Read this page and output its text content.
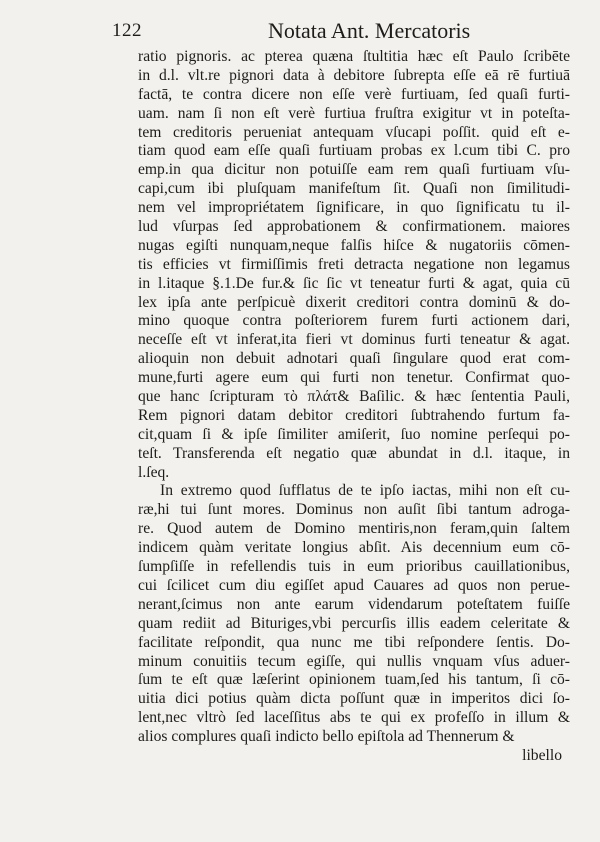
122	Notata Ant. Mercatoris
ratio pignoris. ac pterea quæna ſtultitia hæc eſt Paulo ſcribēte
in d.l. vlt.re pignori data à debitore ſubrepta eſſe eā rē furtiuā
factā, te contra dicere non eſſe verè furtiuam, ſed quaſi furti-
uam. nam ſi non eſt verè furtiua fruſtra exigitur vt in poteſta-
tem creditoris perueniat antequam vſucapi poſſit. quid eſt e-
tiam quod eam eſſe quaſi furtiuam probas ex l.cum tibi C. pro
emp.in qua dicitur non potuiſſe eam rem quaſi furtiuam vſu-
capi,cum ibi pluſquam manifeſtum ſit. Quaſi non ſimilitudi-
nem vel impropriétatem ſignificare, in quo ſignificatu tu il-
lud vſurpas ſed approbationem & confirmationem. maiores
nugas egiſti nunquam,neque falſis hiſce & nugatoriis cōmen-
tis efficies vt firmiſſimis freti detracta negatione non legamus
in l.itaque §.1.De fur.& ſic ſic vt teneatur furti & agat, quia cū
lex ipſa ante perſpicuè dixerit creditori contra dominū & do-
mino quoque contra poſteriorem furem furti actionem dari,
neceſſe eſt vt inferat,ita fieri vt dominus furti teneatur & agat.
alioquin non debuit adnotari quaſi ſingulare quod erat com-
mune,furti agere eum qui furti non tenetur. Confirmat quo-
que hanc ſcripturam τὸ πλάτ& Baſilic. & hæc ſententia Pauli,
Rem pignori datam debitor creditori ſubtrahendo furtum fa-
cit,quam ſi & ipſe ſimiliter amiſerit, ſuo nomine perſequi po-
teſt. Transferenda eſt negatio quæ abundat in d.l. itaque, in
l.ſeq.
In extremo quod ſufflatus de te ipſo iactas, mihi non eſt cu-
ræ,hi tui ſunt mores. Dominus non auſit ſibi tantum adroga-
re. Quod autem de Domino mentiris,non feram,quin ſaltem
indicem quàm veritate longius abſit. Ais decennium eum cō-
ſumpſiſſe in refellendis tuis in eum prioribus cauillationibus,
cui ſcilicet cum diu egiſſet apud Cauares ad quos non perue-
nerant,ſcimus non ante earum videndarum poteſtatem fuiſſe
quam rediit ad Bituriges,vbi percurſis illis eadem celeritate &
facilitate reſpondit, qua nunc me tibi reſpondere ſentis. Do-
minum conuitiis tecum egiſſe, qui nullis vnquam vſus aduer-
ſum te eſt quæ læſerint opinionem tuam,ſed his tantum, ſi cō-
uitia dici potius quàm dicta poſſunt quæ in imperitos dici ſo-
lent,nec vltrò ſed laceſſitus abs te qui ex profeſſo in illum &
alios complures quaſi indicto bello epiſtola ad Thennerum &
libello
